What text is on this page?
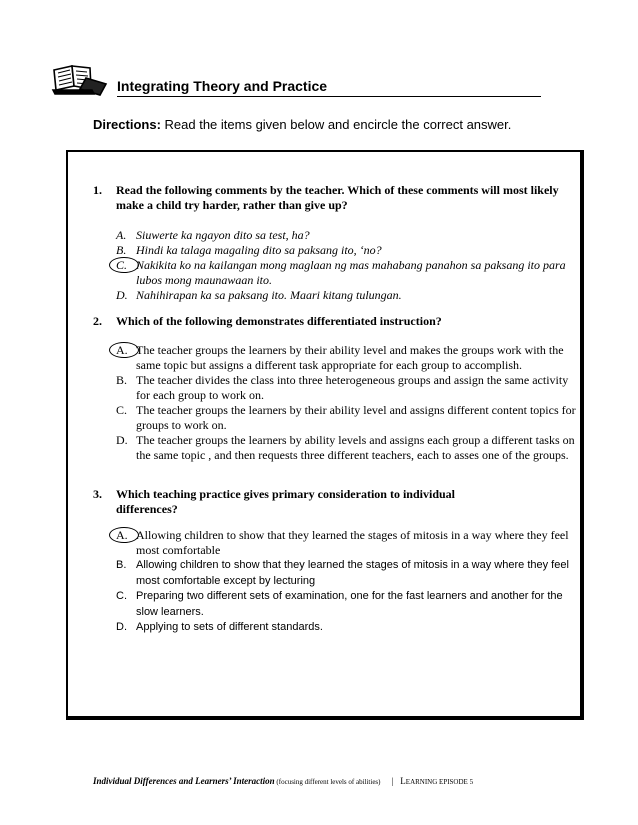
Integrating Theory and Practice
Directions: Read the items given below and encircle the correct answer.
1. Read the following comments by the teacher. Which of these comments will most likely make a child try harder, rather than give up?
A. Siuwerte ka ngayon dito sa test, ha?
B. Hindi ka talaga magaling dito sa paksang ito, ‘no?
C. Nakikita ko na kailangan mong maglaan ng mas mahabang panahon sa paksang ito para lubos mong maunawaan ito.
D. Nahihirapan ka sa paksang ito. Maari kitang tulungan.
2. Which of the following demonstrates differentiated instruction?
A. The teacher groups the learners by their ability level and makes the groups work with the same topic but assigns a different task appropriate for each group to accomplish.
B. The teacher divides the class into three heterogeneous groups and assign the same activity for each group to work on.
C. The teacher groups the learners by their ability level and assigns different content topics for groups to work on.
D. The teacher groups the learners by ability levels and assigns each group a different tasks on the same topic , and then requests three different teachers, each to asses one of the groups.
3. Which teaching practice gives primary consideration to individual differences?
A. Allowing children to show that they learned the stages of mitosis in a way where they feel most comfortable
B. Allowing children to show that they learned the stages of mitosis in a way where they feel most comfortable except by lecturing
C. Preparing two different sets of examination, one for the fast learners and another for the slow learners.
D. Applying to sets of different standards.
Individual Differences and Learners’ Interaction (focusing different levels of abilities) | LEARNING EPISODE 5
